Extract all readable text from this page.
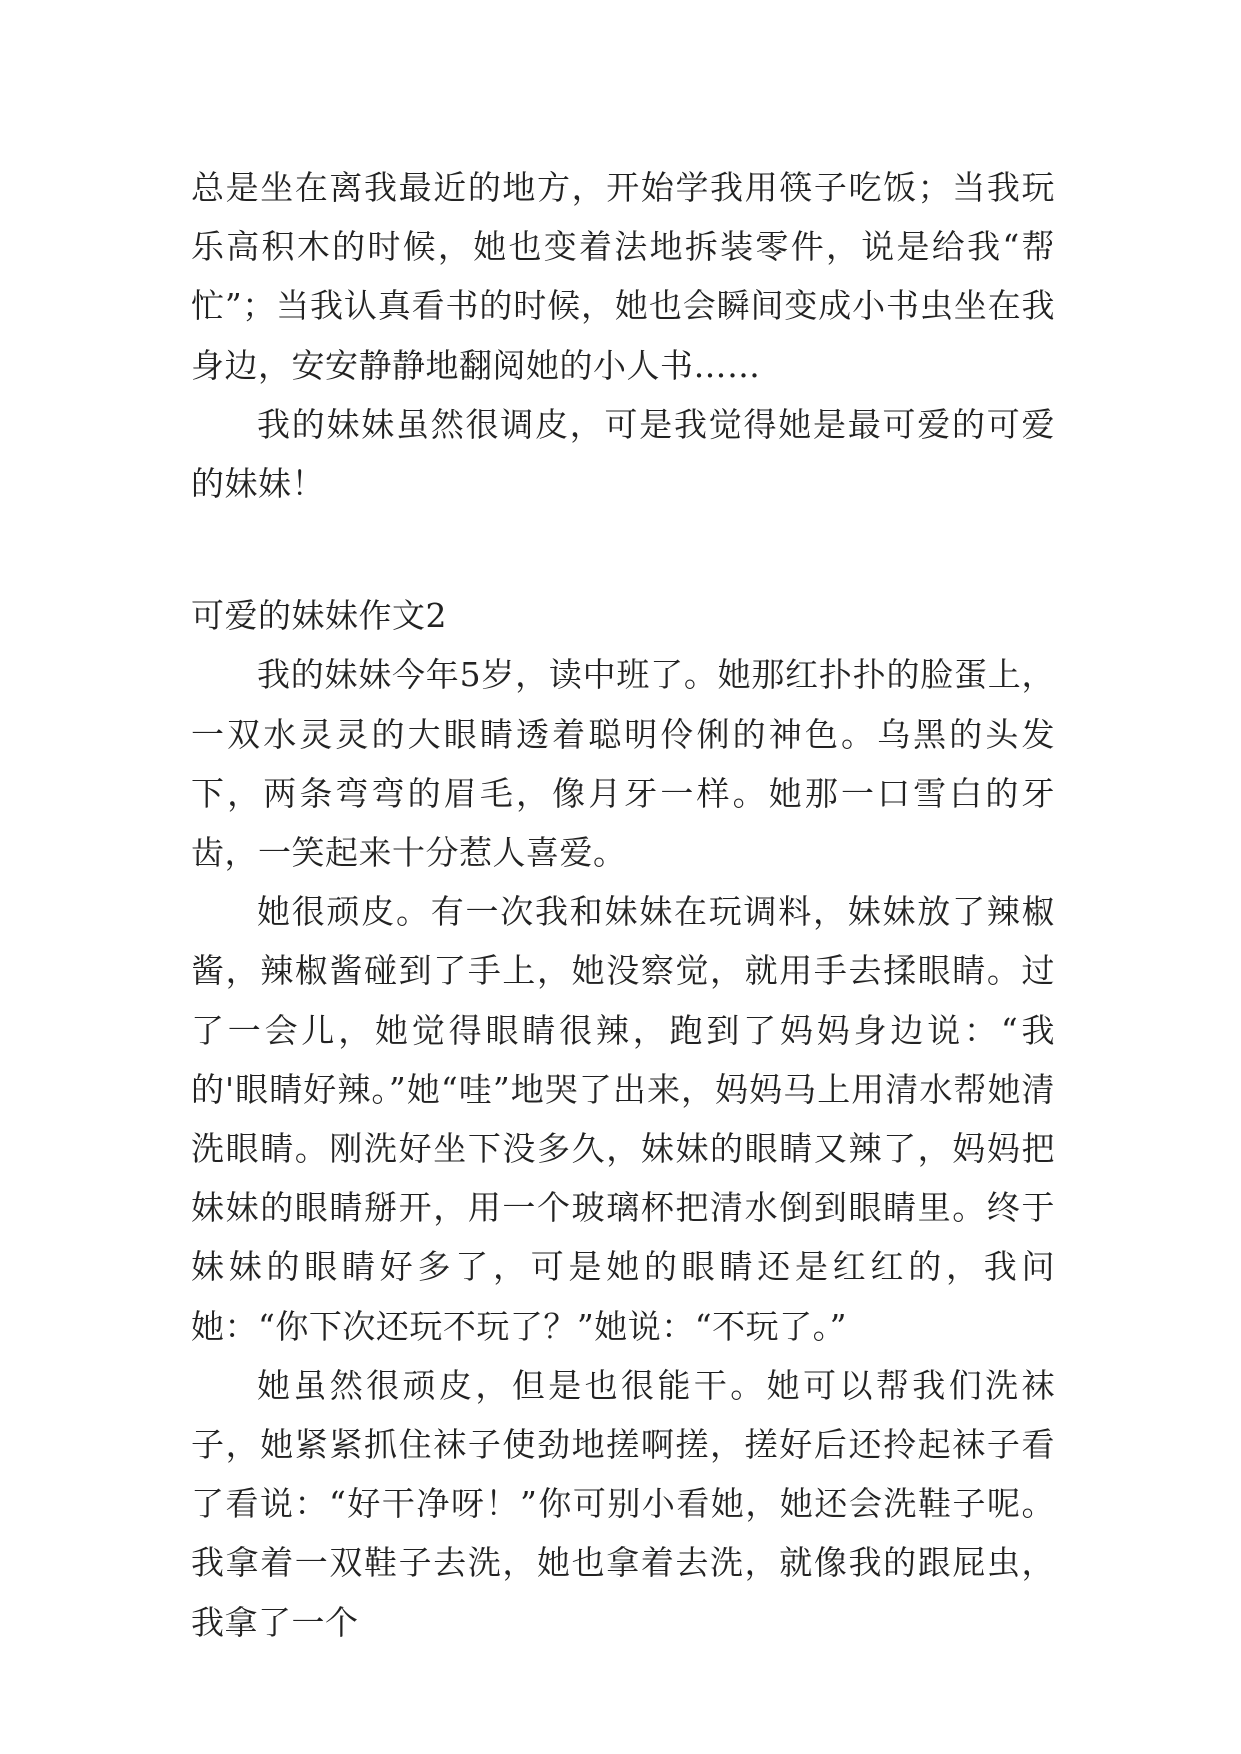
总是坐在离我最近的地方，开始学我用筷子吃饭；当我玩乐高积木的时候，她也变着法地拆装零件，说是给我“帮忙”；当我认真看书的时候，她也会瞬间变成小书虫坐在我身边，安安静静地翻阅她的小人书……

我的妹妹虽然很调皮，可是我觉得她是最可爱的可爱的妹妹！

可爱的妹妹作文2

我的妹妹今年5岁，读中班了。她那红扑扑的脸蛋上，一双水灵灵的大眼睛透着聪明伶俐的神色。乌黑的头发下，两条弯弯的眉毛，像月牙一样。她那一口雪白的牙齿，一笑起来十分惹人喜爱。

她很顽皮。有一次我和妹妹在玩调料，妹妹放了辣椒酱，辣椒酱碰到了手上，她没察觉，就用手去揉眼睛。过了一会儿，她觉得眼睛很辣，跑到了妈妈身边说：“我的'眼睛好辣。”她“哇”地哭了出来，妈妈马上用清水帮她清洗眼睛。刚洗好坐下没多久，妹妹的眼睛又辣了，妈妈把妹妹的眼睛掰开，用一个玻璃杯把清水倒到眼睛里。终于妹妹的眼睛好多了，可是她的眼睛还是红红的，我问她：“你下次还玩不玩了？”她说：“不玩了。”

她虽然很顽皮，但是也很能干。她可以帮我们洗袜子，她紧紧抓住袜子使劲地搓啊搓，搓好后还拎起袜子看了看说：“好干净呀！”你可别小看她，她还会洗鞋子呢。我拿着一双鞋子去洗，她也拿着去洗，就像我的跟屁虫，我拿了一个
